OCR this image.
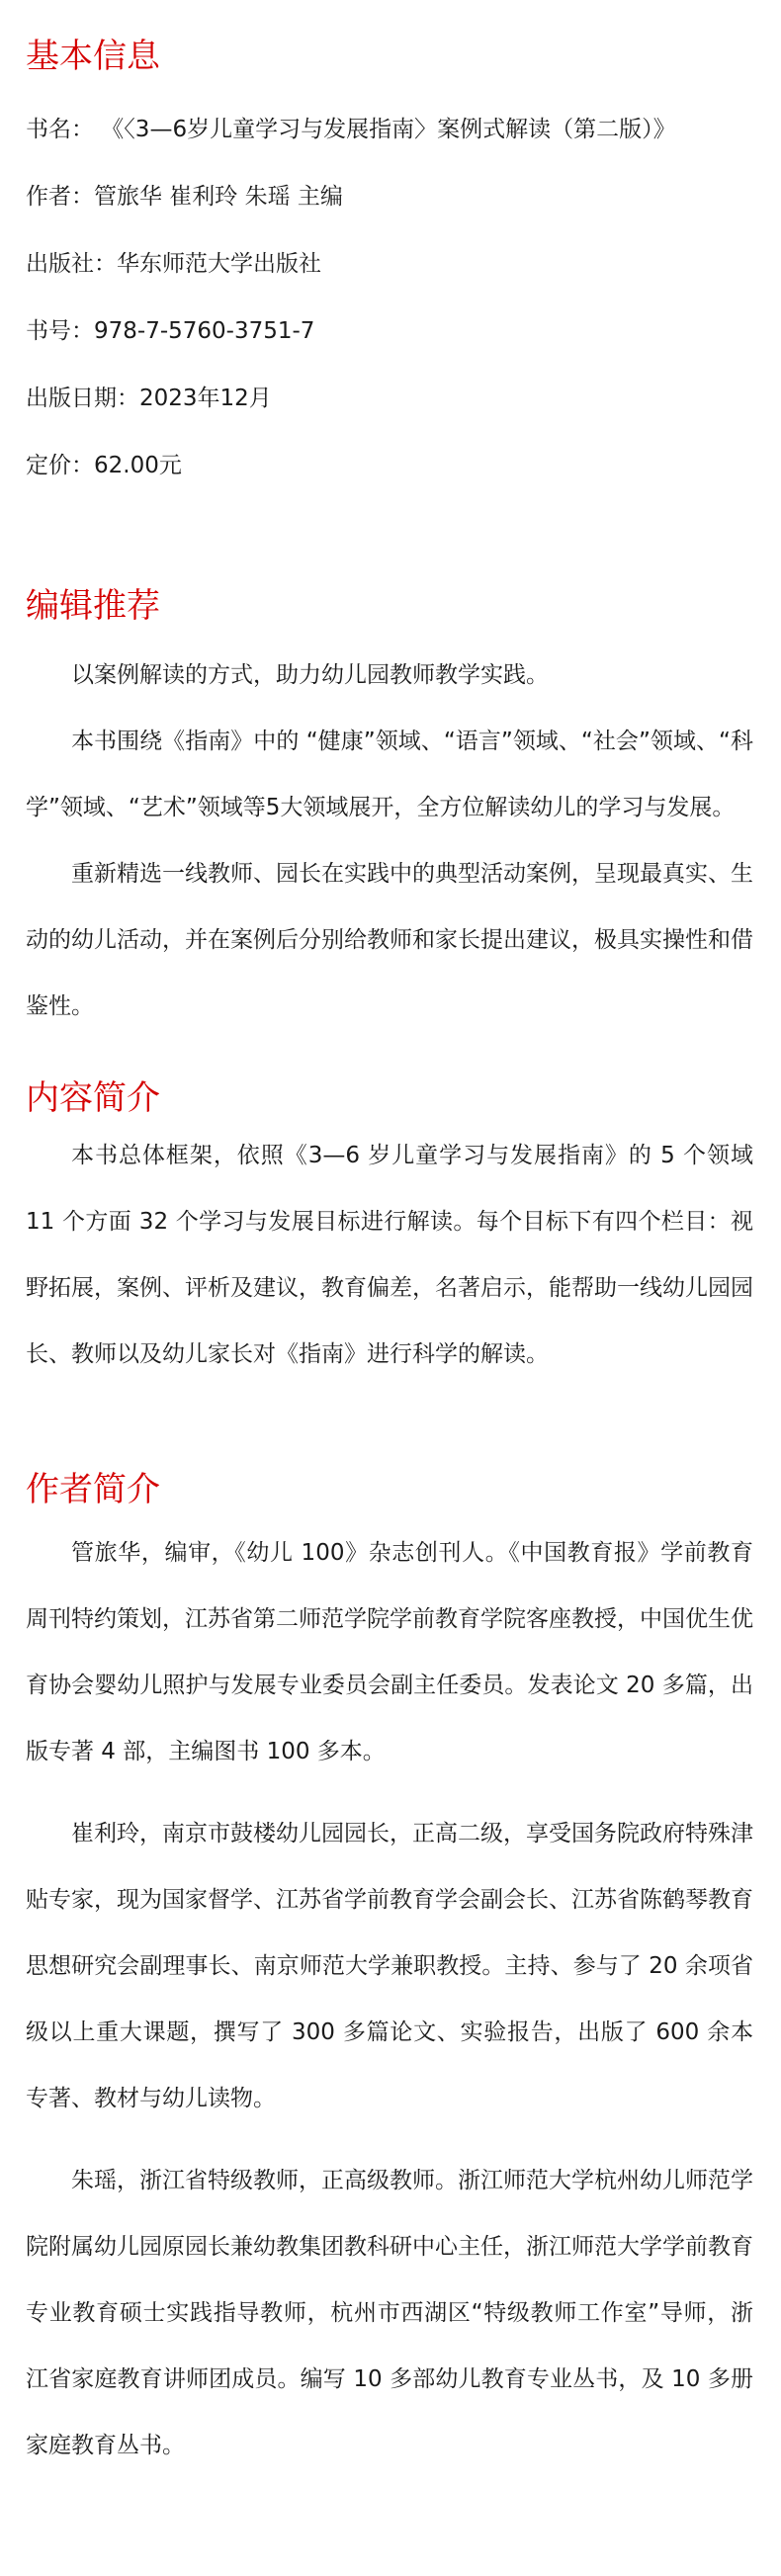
基本信息

书名： 《〈3—6岁儿童学习与发展指南〉案例式解读（第二版）》

作者：管旅华 崔利玲 朱瑶 主编

出版社：华东师范大学出版社

书号：978-7-5760-3751-7

出版日期：2023年12月

定价：62.00元

编辑推荐

以案例解读的方式，助力幼儿园教师教学实践。

本书围绕《指南》中的 “健康”领域、“语言”领域、“社会”领域、“科学”领域、“艺术”领域等5大领域展开，全方位解读幼儿的学习与发展。

重新精选一线教师、园长在实践中的典型活动案例，呈现最真实、生动的幼儿活动，并在案例后分别给教师和家长提出建议，极具实操性和借鉴性。

内容简介

本书总体框架，依照《3—6 岁儿童学习与发展指南》的 5 个领域 11 个方面 32 个学习与发展目标进行解读。每个目标下有四个栏目：视野拓展，案例、评析及建议，教育偏差，名著启示，能帮助一线幼儿园园长、教师以及幼儿家长对《指南》进行科学的解读。

作者简介

管旅华，编审，《幼儿 100》杂志创刊人。《中国教育报》学前教育周刊特约策划，江苏省第二师范学院学前教育学院客座教授，中国优生优育协会婴幼儿照护与发展专业委员会副主任委员。发表论文 20 多篇，出版专著 4 部，主编图书 100 多本。

崔利玲，南京市鼓楼幼儿园园长，正高二级，享受国务院政府特殊津贴专家，现为国家督学、江苏省学前教育学会副会长、江苏省陈鹤琴教育思想研究会副理事长、南京师范大学兼职教授。主持、参与了 20 余项省级以上重大课题，撰写了 300 多篇论文、实验报告，出版了 600 余本专著、教材与幼儿读物。

朱瑶，浙江省特级教师，正高级教师。浙江师范大学杭州幼儿师范学院附属幼儿园原园长兼幼教集团教科研中心主任，浙江师范大学学前教育专业教育硕士实践指导教师，杭州市西湖区“特级教师工作室”导师，浙江省家庭教育讲师团成员。编写 10 多部幼儿教育专业丛书，及 10 多册家庭教育丛书。
